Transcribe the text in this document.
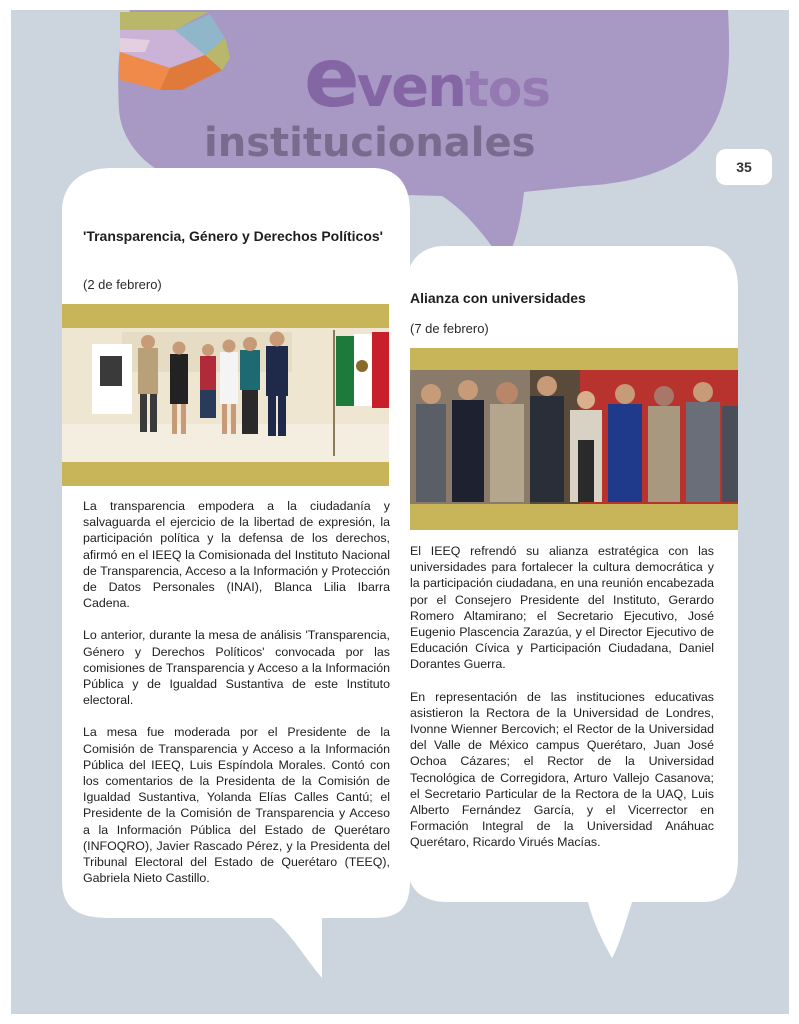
eventos
institucionales
35
'Transparencia, Género y Derechos Políticos'
(2 de febrero)

La transparencia empodera a la ciudadanía y salvaguarda el ejercicio de la libertad de expresión, la participación política y la defensa de los derechos, afirmó en el IEEQ la Comisionada del Instituto Nacional de Transparencia, Acceso a la Información y Protección de Datos Personales (INAI), Blanca Lilia Ibarra Cadena.

Lo anterior, durante la mesa de análisis 'Transparencia, Género y Derechos Políticos' convocada por las comisiones de Transparencia y Acceso a la Información Pública y de Igualdad Sustantiva de este Instituto electoral.

La mesa fue moderada por el Presidente de la Comisión de Transparencia y Acceso a la Información Pública del IEEQ, Luis Espíndola Morales. Contó con los comentarios de la Presidenta de la Comisión de Igualdad Sustantiva, Yolanda Elías Calles Cantú; el Presidente de la Comisión de Transparencia y Acceso a la Información Pública del Estado de Querétaro (INFOQRO), Javier Rascado Pérez, y la Presidenta del Tribunal Electoral del Estado de Querétaro (TEEQ), Gabriela Nieto Castillo.

Alianza con universidades
(7 de febrero)

El IEEQ refrendó su alianza estratégica con las universidades para fortalecer la cultura democrática y la participación ciudadana, en una reunión encabezada por el Consejero Presidente del Instituto, Gerardo Romero Altamirano; el Secretario Ejecutivo, José Eugenio Plascencia Zarazúa, y el Director Ejecutivo de Educación Cívica y Participación Ciudadana, Daniel Dorantes Guerra.

En representación de las instituciones educativas asistieron la Rectora de la Universidad de Londres, Ivonne Wienner Bercovich; el Rector de la Universidad del Valle de México campus Querétaro, Juan José Ochoa Cázares; el Rector de la Universidad Tecnológica de Corregidora, Arturo Vallejo Casanova; el Secretario Particular de la Rectora de la UAQ, Luis Alberto Fernández García, y el Vicerrector en Formación Integral de la Universidad Anáhuac Querétaro, Ricardo Virués Macías.
